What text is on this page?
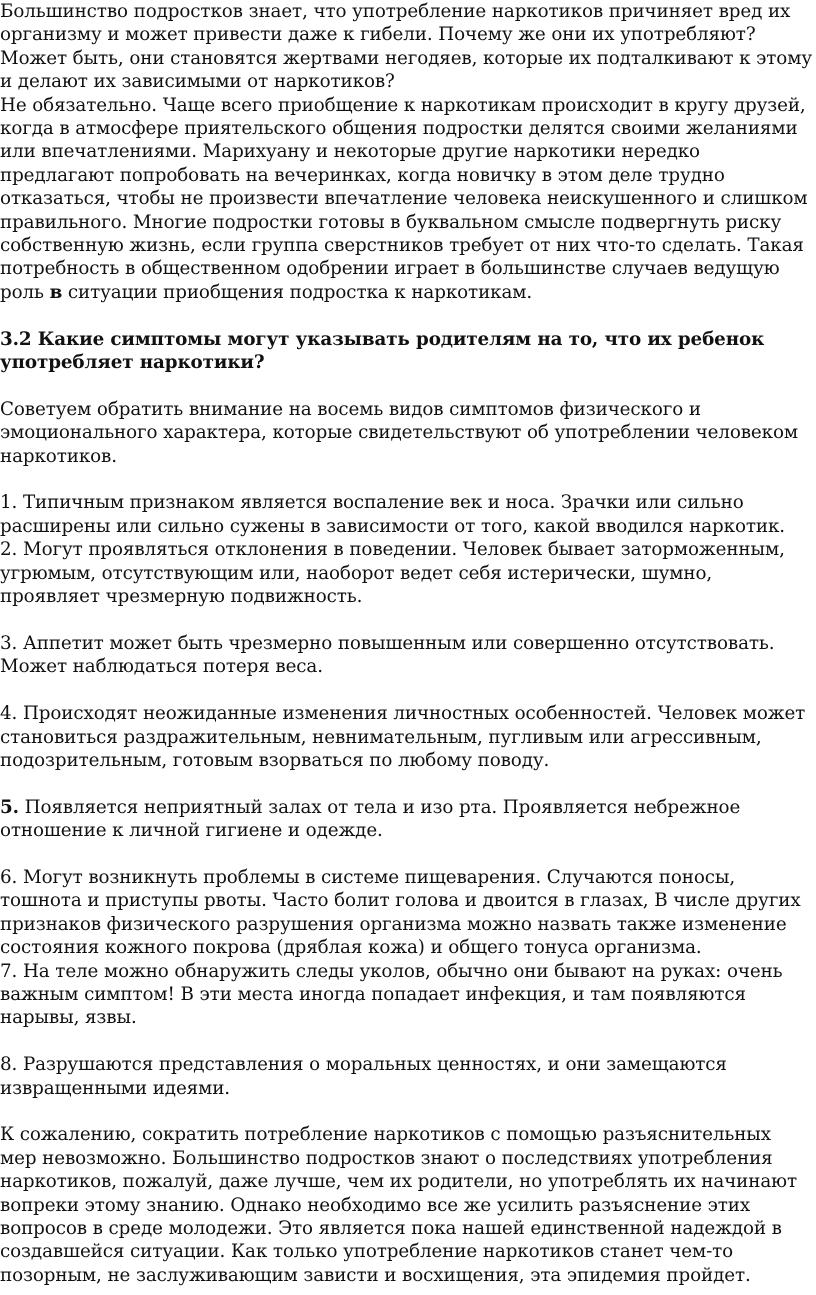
Большинство подростков знает, что употребление наркотиков причиняет вред их организму и может привести даже к гибели. Почему же они их употребляют? Может быть, они становятся жертвами негодяев, которые их подталкивают к этому и делают их зависимыми от наркотиков?

Не обязательно. Чаще всего приобщение к наркотикам происходит в кругу друзей, когда в атмосфере приятельского общения подростки делятся своими желаниями или впечатлениями. Марихуану и некоторые другие наркотики нередко предлагают попробовать на вечеринках, когда новичку в этом деле трудно отказаться, чтобы не произвести впечатление человека неискушенного и слишком правильного. Многие подростки готовы в буквальном смысле подвергнуть риску собственную жизнь, если группа сверстников требует от них что-то сделать. Такая потребность в общественном одобрении играет в большинстве случаев ведущую роль в ситуации приобщения подростка к наркотикам.

3.2 Какие симптомы могут указывать родителям на то, что их ребенок употребляет наркотики?

Советуем обратить внимание на восемь видов симптомов физического и эмоционального характера, которые свидетельствуют об употреблении человеком наркотиков.

1. Типичным признаком является воспаление век и носа. Зрачки или сильно расширены или сильно сужены в зависимости от того, какой вводился наркотик.

2. Могут проявляться отклонения в поведении. Человек бывает заторможенным, угрюмым, отсутствующим или, наоборот ведет себя истерически, шумно, проявляет чрезмерную подвижность.

3. Аппетит может быть чрезмерно повышенным или совершенно отсутствовать. Может наблюдаться потеря веса.

4. Происходят неожиданные изменения личностных особенностей. Человек может становиться раздражительным, невнимательным, пугливым или агрессивным, подозрительным, готовым взорваться по любому поводу.

5. Появляется неприятный залах от тела и изо рта. Проявляется небрежное отношение к личной гигиене и одежде.

6. Могут возникнуть проблемы в системе пищеварения. Случаются поносы, тошнота и приступы рвоты. Часто болит голова и двоится в глазах, В числе других признаков физического разрушения организма можно назвать также изменение состояния кожного покрова (дряблая кожа) и общего тонуса организма.

7. На теле можно обнаружить следы уколов, обычно они бывают на руках: очень важным симптом! В эти места иногда попадает инфекция, и там появляются нарывы, язвы.

8. Разрушаются представления о моральных ценностях, и они замещаются извращенными идеями.

К сожалению, сократить потребление наркотиков с помощью разъяснительных мер невозможно. Большинство подростков знают о последствиях употребления наркотиков, пожалуй, даже лучше, чем их родители, но употреблять их начинают вопреки этому знанию. Однако необходимо все же усилить разъяснение этих вопросов в среде молодежи. Это является пока нашей единственной надеждой в создавшейся ситуации. Как только употребление наркотиков станет чем-то позорным, не заслуживающим зависти и восхищения, эта эпидемия пройдет.
